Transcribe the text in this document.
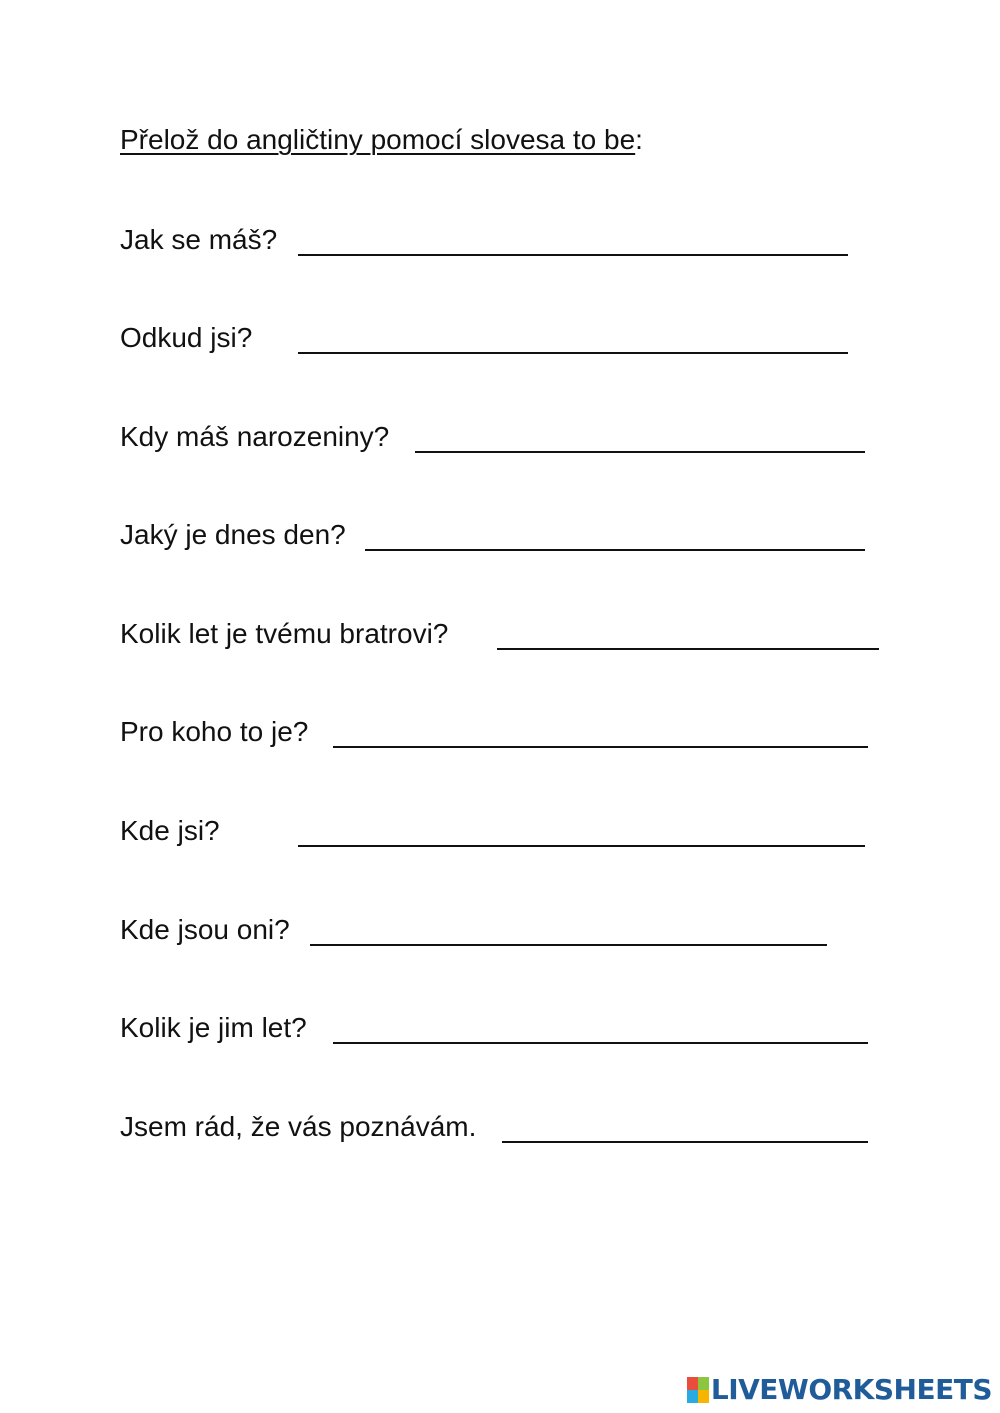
Přelož do angličtiny pomocí slovesa to be:
Jak se máš?
Odkud jsi?
Kdy máš narozeniny?
Jaký je dnes den?
Kolik let je tvému bratrovi?
Pro koho to je?
Kde jsi?
Kde jsou oni?
Kolik je jim let?
Jsem rád, že vás poznávám.
LIVEWORKSHEETS
